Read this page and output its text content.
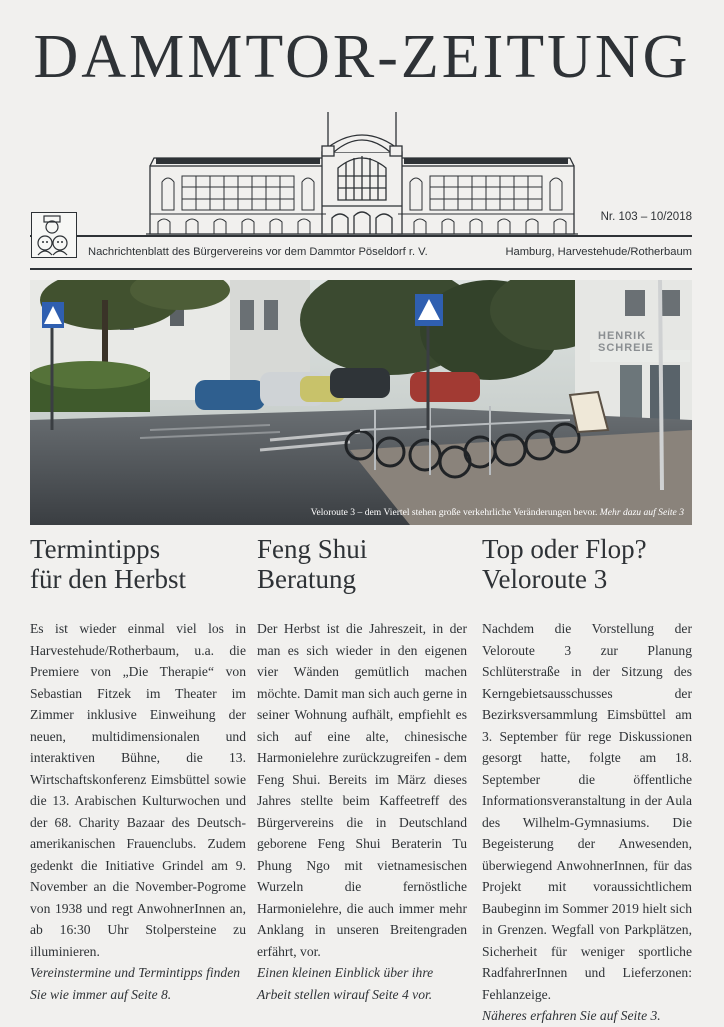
DAMMTOR-ZEITUNG
Nr. 103 – 10/2018
Nachrichtenblatt des Bürgervereins vor dem Dammtor Pöseldorf r. V.	Hamburg, Harvestehude/Rotherbaum
HENRIK SCHREIE
Veloroute 3 – dem Viertel stehen große verkehrliche Veränderungen bevor. Mehr dazu auf Seite 3
Termintipps
für den Herbst
Es ist wieder einmal viel los in Harvestehude/Rotherbaum, u.a. die Premiere von „Die Therapie“ von Sebastian Fitzek im Theater im Zimmer inklusive Einweihung der neuen, multidimensionalen und interaktiven Bühne, die 13. Wirtschaftskonferenz Eimsbüttel sowie die 13. Arabischen Kulturwochen und der 68. Charity Bazaar des Deutsch-amerikanischen Frauenclubs. Zudem gedenkt die Initiative Grindel am 9. November an die November-Pogrome von 1938 und regt AnwohnerInnen an, ab 16:30 Uhr Stolpersteine zu illuminieren.
Vereinstermine und Termintipps finden Sie wie immer auf Seite 8.
Feng Shui
Beratung
Der Herbst ist die Jahreszeit, in der man es sich wieder in den eigenen vier Wänden gemütlich machen möchte. Damit man sich auch gerne in seiner Wohnung aufhält, empfiehlt es sich auf eine alte, chinesische Harmonielehre zurückzugreifen - dem Feng Shui. Bereits im März dieses Jahres stellte beim Kaffeetreff des Bürgervereins die in Deutschland geborene Feng Shui Beraterin Tu Phung Ngo mit vietnamesischen Wurzeln die fernöstliche Harmonielehre, die auch immer mehr Anklang in unseren Breitengraden erfährt, vor.
Einen kleinen Einblick über ihre Arbeit stellen wirauf Seite 4 vor.
Top oder Flop?
Veloroute 3
Nachdem die Vorstellung der Veloroute 3 zur Planung Schlüterstraße in der Sitzung des Kerngebietsausschusses der Bezirksversammlung Eimsbüttel am 3. September für rege Diskussionen gesorgt hatte, folgte am 18. September die öffentliche Informationsveranstaltung in der Aula des Wilhelm-Gymnasiums. Die Begeisterung der Anwesenden, überwiegend AnwohnerInnen, für das Projekt mit voraussichtlichem Baubeginn im Sommer 2019 hielt sich in Grenzen. Wegfall von Parkplätzen, Sicherheit für weniger sportliche RadfahrerInnen und Lieferzonen: Fehlanzeige.
Näheres erfahren Sie auf Seite 3.
